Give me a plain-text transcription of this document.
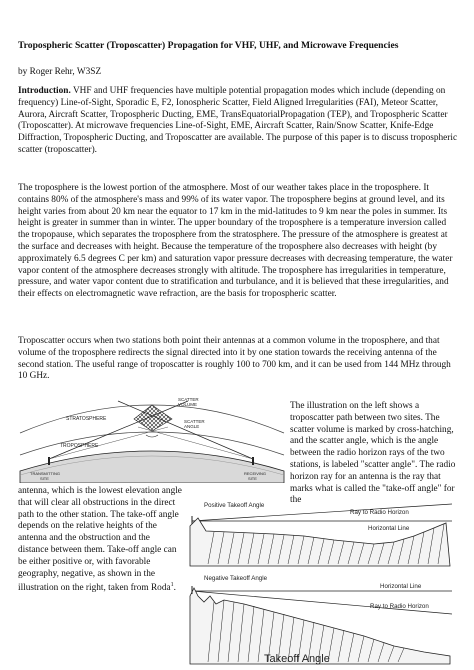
Tropospheric Scatter (Troposcatter) Propagation for VHF, UHF, and Microwave Frequencies
by Roger Rehr, W3SZ

Introduction. VHF and UHF frequencies have multiple potential propagation modes which include (depending on frequency) Line-of-Sight, Sporadic E, F2, Ionospheric Scatter, Field Aligned Irregularities (FAI), Meteor Scatter, Aurora, Aircraft Scatter, Tropospheric Ducting, EME, TransEquatorialPropagation (TEP), and Tropospheric Scatter (Troposcatter). At microwave frequencies Line-of-Sight, EME, Aircraft Scatter, Rain/Snow Scatter, Knife-Edge Diffraction, Tropospheric Ducting, and Troposcatter are available. The purpose of this paper is to discuss tropospheric scatter (troposcatter).

The troposphere is the lowest portion of the atmosphere. Most of our weather takes place in the troposphere. It contains 80% of the atmosphere's mass and 99% of its water vapor. The troposphere begins at ground level, and its height varies from about 20 km near the equator to 17 km in the mid-latitudes to 9 km near the poles in summer. Its height is greater in summer than in winter. The upper boundary of the troposphere is a temperature inversion called the tropopause, which separates the troposphere from the stratosphere. The pressure of the atmosphere is greatest at the surface and decreases with height. Because the temperature of the troposphere also decreases with height (by approximately 6.5 degrees C per km) and saturation vapor pressure decreases with decreasing temperature, the water vapor content of the atmosphere decreases strongly with altitude. The troposphere has irregularities in temperature, pressure, and water vapor content due to stratification and turbulance, and it is believed that these irregularities, and their effects on electromagnetic wave refraction, are the basis for tropospheric scatter.

Troposcatter occurs when two stations both point their antennas at a common volume in the troposphere, and that volume of the troposphere redirects the signal directed into it by one station towards the receiving antenna of the second station. The useful range of troposcatter is roughly 100 to 700 km, and it can be used from 144 MHz through 10 GHz.

The illustration on the left shows a troposcatter path between two sites. The scatter volume is marked by cross-hatching, and the scatter angle, which is the angle between the radio horizon rays of the two stations, is labeled "scatter angle". The radio horizon ray for an antenna is the ray that marks what is called the "take-off angle" for the

antenna, which is the lowest elevation angle that will clear all obstructions in the direct path to the other station. The take-off angle depends on the relative heights of the antenna and the obstruction and the distance between them. Take-off angle can be either positive or, with favorable geography, negative, as shown in the illustration on the right, taken from Roda$^1$.

STRATOSPHERE
SCATTER
VOLUME
TROPOSPHERE
SCATTER
ANGLE
TRANSMITTING
SITE
RECEIVING
SITE
Positive Takeoff Angle
Ray to Radio Horizon
Horizontal Line
Negative Takeoff Angle
Ray to Radio Horizon
Horizontal Line
Takeoff Angle
